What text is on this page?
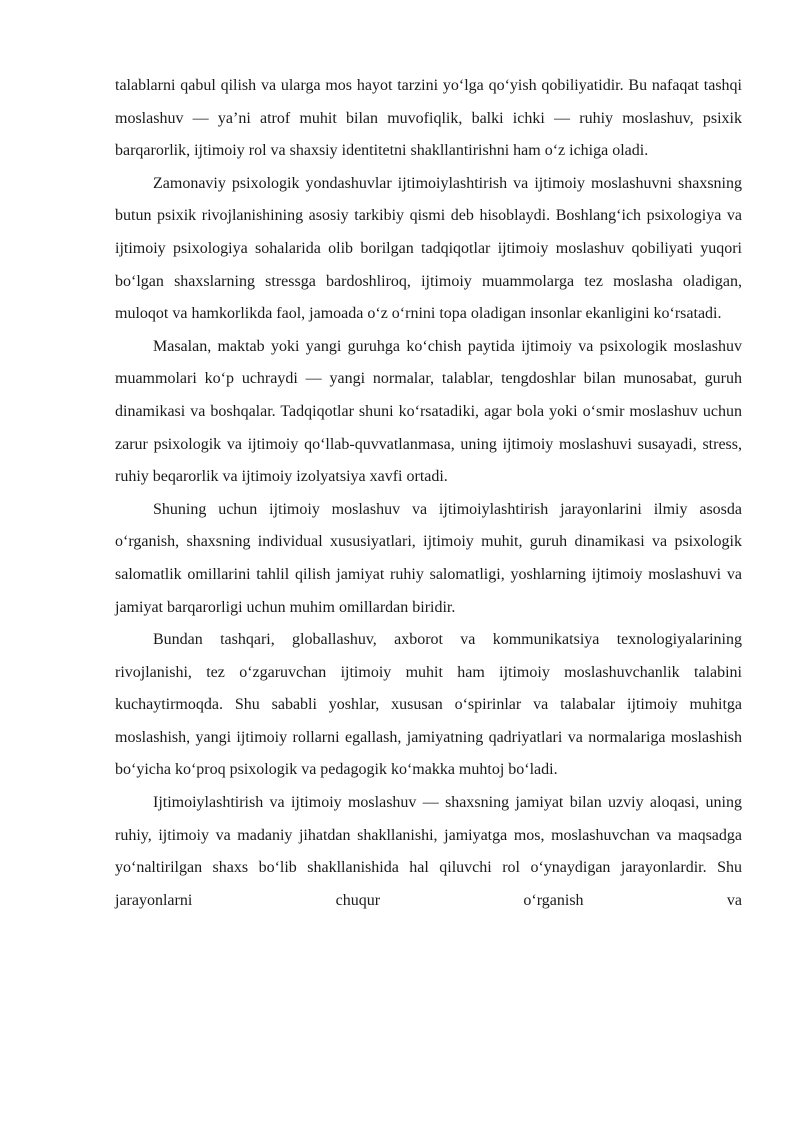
talablarni qabul qilish va ularga mos hayot tarzini yo‘lga qo‘yish qobiliyatidir. Bu nafaqat tashqi moslashuv — ya’ni atrof muhit bilan muvofiqlik, balki ichki — ruhiy moslashuv, psixik barqarorlik, ijtimoiy rol va shaxsiy identitetni shakllantirishni ham o‘z ichiga oladi.

Zamonaviy psixologik yondashuvlar ijtimoiylashtirish va ijtimoiy moslashuvni shaxsning butun psixik rivojlanishining asosiy tarkibiy qismi deb hisoblaydi. Boshlang‘ich psixologiya va ijtimoiy psixologiya sohalarida olib borilgan tadqiqotlar ijtimoiy moslashuv qobiliyati yuqori bo‘lgan shaxslarning stressga bardoshliroq, ijtimoiy muammolarga tez moslasha oladigan, muloqot va hamkorlikda faol, jamoada o‘z o‘rnini topa oladigan insonlar ekanligini ko‘rsatadi.

Masalan, maktab yoki yangi guruhga ko‘chish paytida ijtimoiy va psixologik moslashuv muammolari ko‘p uchraydi — yangi normalar, talablar, tengdoshlar bilan munosabat, guruh dinamikasi va boshqalar. Tadqiqotlar shuni ko‘rsatadiki, agar bola yoki o‘smir moslashuv uchun zarur psixologik va ijtimoiy qo‘llab-quvvatlanmasa, uning ijtimoiy moslashuvi susayadi, stress, ruhiy beqarorlik va ijtimoiy izolyatsiya xavfi ortadi.

Shuning uchun ijtimoiy moslashuv va ijtimoiylashtirish jarayonlarini ilmiy asosda o‘rganish, shaxsning individual xususiyatlari, ijtimoiy muhit, guruh dinamikasi va psixologik salomatlik omillarini tahlil qilish jamiyat ruhiy salomatligi, yoshlarning ijtimoiy moslashuvi va jamiyat barqarorligi uchun muhim omillardan biridir.

Bundan tashqari, globallashuv, axborot va kommunikatsiya texnologiyalarining rivojlanishi, tez o‘zgaruvchan ijtimoiy muhit ham ijtimoiy moslashuvchanlik talabini kuchaytirmoqda. Shu sababli yoshlar, xususan o‘spirinlar va talabalar ijtimoiy muhitga moslashish, yangi ijtimoiy rollarni egallash, jamiyatning qadriyatlari va normalariga moslashish bo‘yicha ko‘proq psixologik va pedagogik ko‘makka muhtoj bo‘ladi.

Ijtimoiylashtirish va ijtimoiy moslashuv — shaxsning jamiyat bilan uzviy aloqasi, uning ruhiy, ijtimoiy va madaniy jihatdan shakllanishi, jamiyatga mos, moslashuvchan va maqsadga yo‘naltirilgan shaxs bo‘lib shakllanishida hal qiluvchi rol o‘ynaydigan jarayonlardir. Shu jarayonlarni chuqur o‘rganish va
